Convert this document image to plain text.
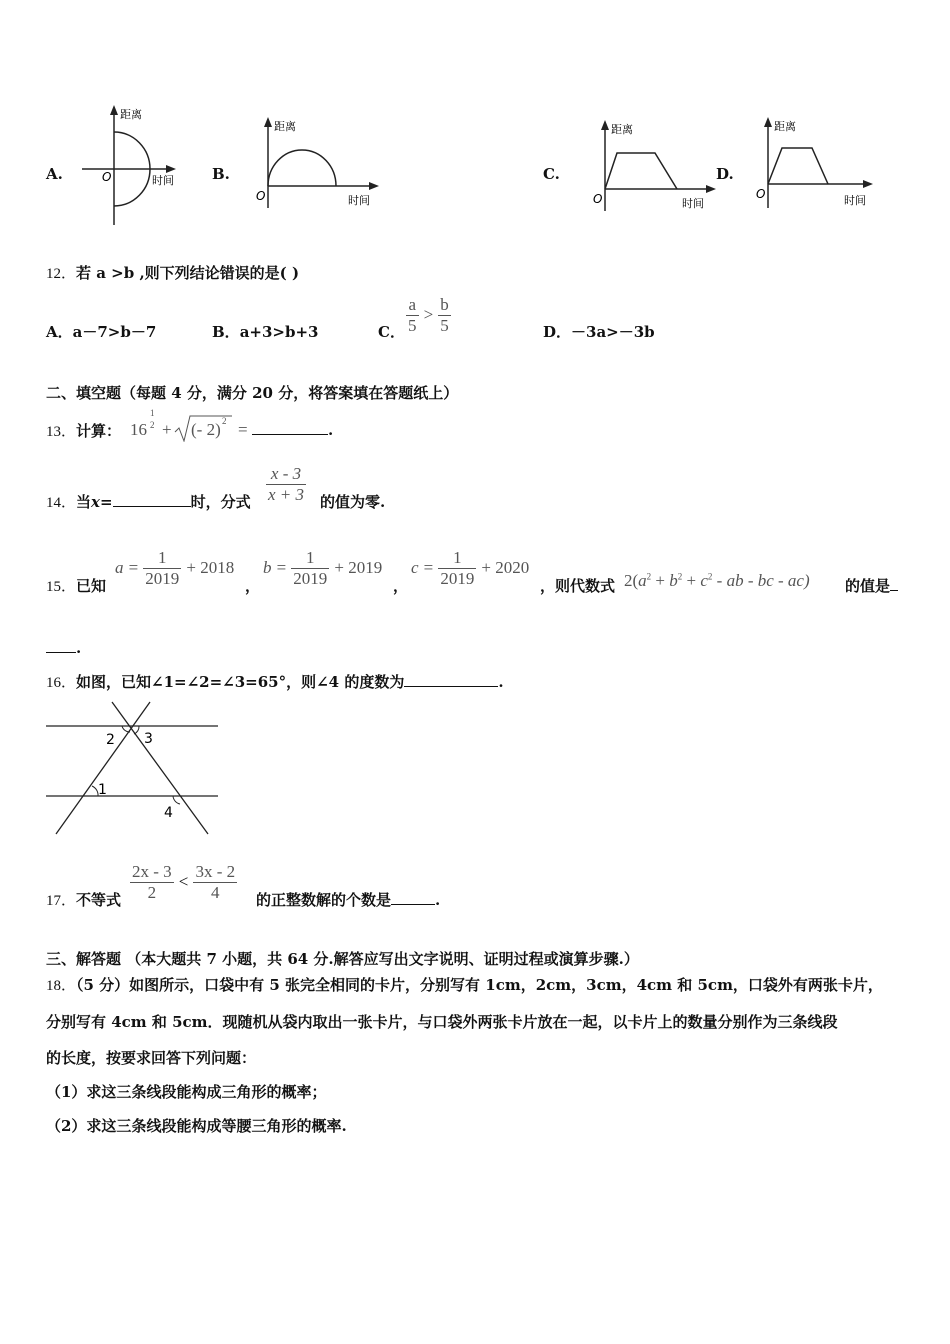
A.
距离
时间
O	B.
距离
时间
O
C.
距离
时间
O
D.
距离
时间
O
12．若 a >b ,则下列结论错误的是( )
A．a－7>b－7	B．a+3>b+3	C． $\frac{a}{5} > \frac{b}{5}$	D．－3a>－3b
二、填空题（每题 4 分，满分 20 分，将答案填在答题纸上）
13．计算： 16
1
2 + (- 2) 2 =	.
14．当x=	时，分式 $\frac{x - 3}{x + 3}$ 的值为零.
15．已知
$a = \frac{1}{2019} + 2018$
，
$b = \frac{1}{2019} + 2019$
，
$c = \frac{1}{2019} + 2020$
，则代数式 $2(a^2 + b^2 + c^2$ - ab - bc - ac) 的值是
.
16．如图，已知∠1=∠2=∠3=65°，则∠4 的度数为	.
2 3
1
4
17．不等式 $\frac{2x - 3}{2} < \frac{3x - 2}{4}$ 的正整数解的个数是	.
三、解答题 （本大题共 7 小题，共 64 分.解答应写出文字说明、证明过程或演算步骤.）
18．（5 分）如图所示，口袋中有 5 张完全相同的卡片，分别写有 1cm，2cm，3cm，4cm 和 5cm，口袋外有两张卡片，
分别写有 4cm 和 5cm．现随机从袋内取出一张卡片，与口袋外两张卡片放在一起，以卡片上的数量分别作为三条线段
的长度，按要求回答下列问题：
（1）求这三条线段能构成三角形的概率；
（2）求这三条线段能构成等腰三角形的概率.
